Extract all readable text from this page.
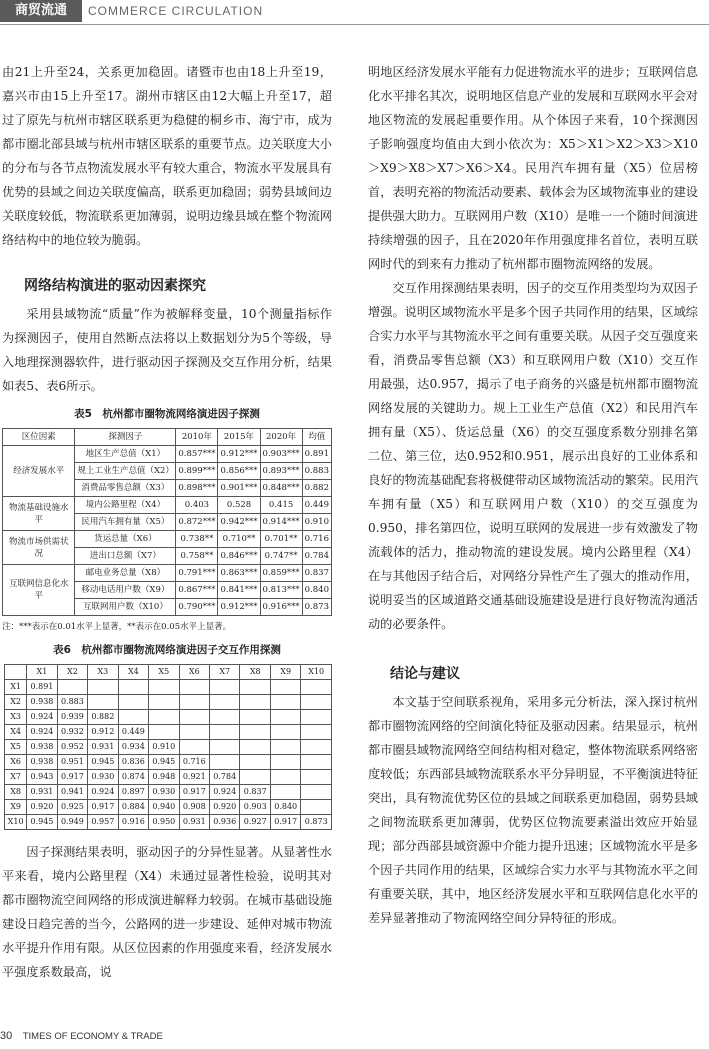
商贸流通	COMMERCE CIRCULATION

由21上升至24，关系更加稳固。诸暨市也由18上升至19，嘉兴市由15上升至17。湖州市辖区由12大幅上升至17，超过了原先与杭州市辖区联系更为稳健的桐乡市、海宁市，成为都市圈北部县域与杭州市辖区联系的重要节点。边关联度大小的分布与各节点物流发展水平有较大重合，物流水平发展具有优势的县域之间边关联度偏高，联系更加稳固；弱势县域间边关联度较低，物流联系更加薄弱，说明边缘县域在整个物流网络结构中的地位较为脆弱。

网络结构演进的驱动因素探究

采用县域物流“质量”作为被解释变量，10个测量指标作为探测因子，使用自然断点法将以上数据划分为5个等级，导入地理探测器软件，进行驱动因子探测及交互作用分析，结果如表5、表6所示。

表5　杭州都市圈物流网络演进因子探测
区位因素	探测因子	2010年	2015年	2020年	均值
经济发展水平	地区生产总值（X1）	0.857***	0.912***	0.903***	0.891
	规上工业生产总值（X2）	0.899***	0.856***	0.893***	0.883
	消费品零售总额（X3）	0.898***	0.901***	0.848***	0.882
物流基础设施水平	境内公路里程（X4）	0.403	0.528	0.415	0.449
	民用汽车拥有量（X5）	0.872***	0.942***	0.914***	0.910
物流市场供需状况	货运总量（X6）	0.738**	0.710**	0.701**	0.716
	进出口总额（X7）	0.758**	0.846***	0.747**	0.784
互联网信息化水平	邮电业务总量（X8）	0.791***	0.863***	0.859***	0.837
	移动电话用户数（X9）	0.867***	0.841***	0.813***	0.840
	互联网用户数（X10）	0.790***	0.912***	0.916***	0.873
注：***表示在0.01水平上显著，**表示在0.05水平上显著。
表6　杭州都市圈物流网络演进因子交互作用探测
	X1	X2	X3	X4	X5	X6	X7	X8	X9	X10
X1	0.891									
X2	0.938	0.883								
X3	0.924	0.939	0.882							
X4	0.924	0.932	0.912	0.449						
X5	0.938	0.952	0.931	0.934	0.910					
X6	0.938	0.951	0.945	0.836	0.945	0.716				
X7	0.943	0.917	0.930	0.874	0.948	0.921	0.784			
X8	0.931	0.941	0.924	0.897	0.930	0.917	0.924	0.837		
X9	0.920	0.925	0.917	0.884	0.940	0.908	0.920	0.903	0.840	
X10	0.945	0.949	0.957	0.916	0.950	0.931	0.936	0.927	0.917	0.873

因子探测结果表明，驱动因子的分异性显著。从显著性水平来看，境内公路里程（X4）未通过显著性检验，说明其对都市圈物流空间网络的形成演进解释力较弱。在城市基础设施建设日趋完善的当今，公路网的进一步建设、延伸对城市物流水平提升作用有限。从区位因素的作用强度来看，经济发展水平强度系数最高，说

明地区经济发展水平能有力促进物流水平的进步；互联网信息化水平排名其次，说明地区信息产业的发展和互联网水平会对地区物流的发展起重要作用。从个体因子来看，10个探测因子影响强度均值由大到小依次为：X5＞X1＞X2＞X3＞X10＞X9＞X8＞X7＞X6＞X4。民用汽车拥有量（X5）位居榜首，表明充裕的物流活动要素、载体会为区域物流事业的建设提供强大助力。互联网用户数（X10）是唯一一个随时间演进持续增强的因子，且在2020年作用强度排名首位，表明互联网时代的到来有力推动了杭州都市圈物流网络的发展。

交互作用探测结果表明，因子的交互作用类型均为双因子增强。说明区域物流水平是多个因子共同作用的结果，区域综合实力水平与其物流水平之间有重要关联。从因子交互强度来看，消费品零售总额（X3）和互联网用户数（X10）交互作用最强，达0.957，揭示了电子商务的兴盛是杭州都市圈物流网络发展的关键助力。规上工业生产总值（X2）和民用汽车拥有量（X5）、货运总量（X6）的交互强度系数分别排名第二位、第三位，达0.952和0.951，展示出良好的工业体系和良好的物流基础配套将极健带动区域物流活动的繁荣。民用汽车拥有量（X5）和互联网用户数（X10）的交互强度为0.950，排名第四位，说明互联网的发展进一步有效激发了物流载体的活力，推动物流的建设发展。境内公路里程（X4）在与其他因子结合后，对网络分异性产生了强大的推动作用，说明妥当的区域道路交通基础设施建设是进行良好物流沟通活动的必要条件。

结论与建议

本文基于空间联系视角，采用多元分析法，深入探讨杭州都市圈物流网络的空间演化特征及驱动因素。结果显示，杭州都市圈县域物流网络空间结构相对稳定，整体物流联系网络密度较低；东西部县域物流联系水平分异明显，不平衡演进特征突出，具有物流优势区位的县域之间联系更加稳固，弱势县域之间物流联系更加薄弱，优势区位物流要素溢出效应开始显现；部分西部县域资源中介能力提升迅速；区域物流水平是多个因子共同作用的结果，区域综合实力水平与其物流水平之间有重要关联，其中，地区经济发展水平和互联网信息化水平的差异显著推动了物流网络空间分异特征的形成。

30 TIMES OF ECONOMY & TRADE
